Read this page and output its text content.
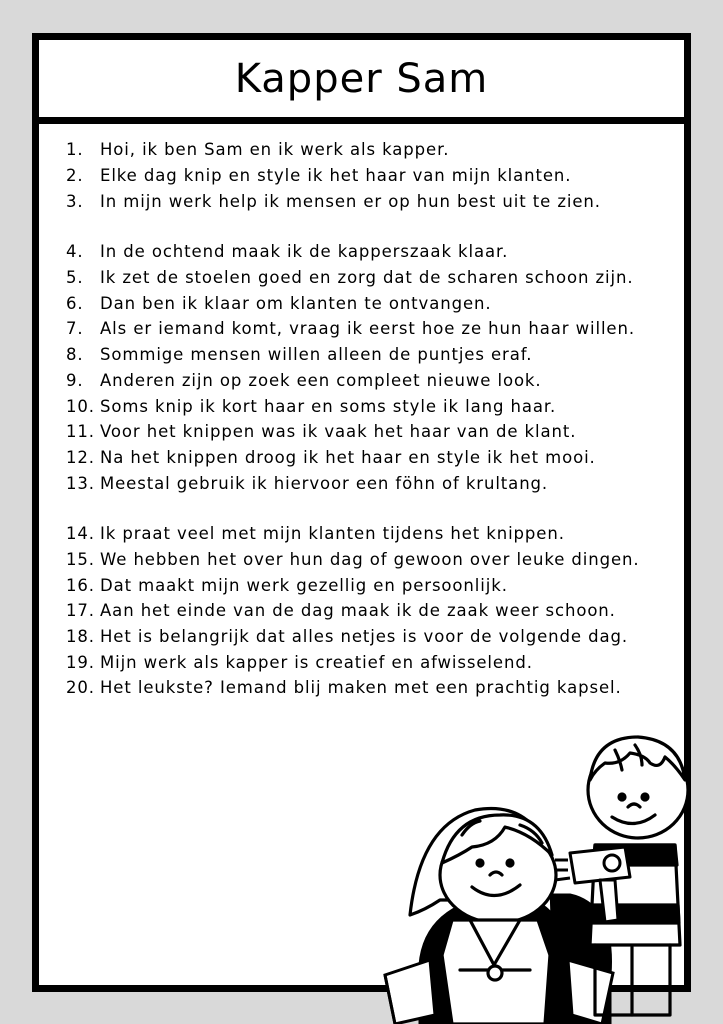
Kapper Sam
1. Hoi, ik ben Sam en ik werk als kapper.
2. Elke dag knip en style ik het haar van mijn klanten.
3. In mijn werk help ik mensen er op hun best uit te zien.
4. In de ochtend maak ik de kapperszaak klaar.
5. Ik zet de stoelen goed en zorg dat de scharen schoon zijn.
6. Dan ben ik klaar om klanten te ontvangen.
7. Als er iemand komt, vraag ik eerst hoe ze hun haar willen.
8. Sommige mensen willen alleen de puntjes eraf.
9. Anderen zijn op zoek een compleet nieuwe look.
10. Soms knip ik kort haar en soms style ik lang haar.
11. Voor het knippen was ik vaak het haar van de klant.
12. Na het knippen droog ik het haar en style ik het mooi.
13. Meestal gebruik ik hiervoor een föhn of krultang.
14. Ik praat veel met mijn klanten tijdens het knippen.
15. We hebben het over hun dag of gewoon over leuke dingen.
16. Dat maakt mijn werk gezellig en persoonlijk.
17. Aan het einde van de dag maak ik de zaak weer schoon.
18. Het is belangrijk dat alles netjes is voor de volgende dag.
19. Mijn werk als kapper is creatief en afwisselend.
20. Het leukste? Iemand blij maken met een prachtig kapsel.
